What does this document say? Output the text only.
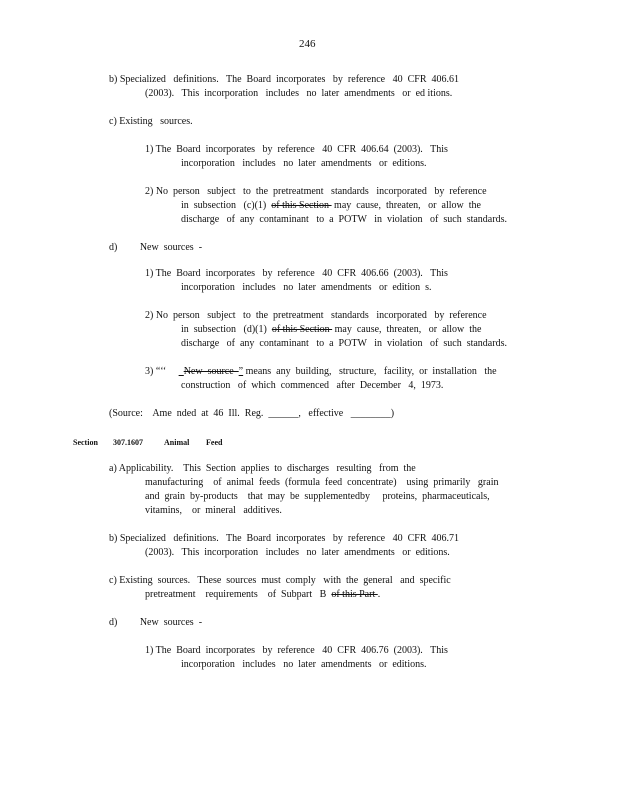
246
b) Specialized   definitions.   The  Board  incorporates   by  reference   40  CFR  406.61
(2003).   This  incorporation   includes   no  later  amendments   or  ed itions.
c) Existing   sources.
1) The  Board  incorporates   by  reference   40  CFR  406.64  (2003).   This
incorporation   includes   no  later  amendments   or  editions.
2) No  person   subject   to  the  pretreatment   standards   incorporated   by  reference
in  subsection   (c)(1)  of this Section  may  cause,  threaten,   or  allow  the
discharge   of  any  contaminant   to  a  POTW   in  violation   of  such  standards.
d)         New  sources  -
1) The  Board  incorporates   by  reference   40  CFR  406.66  (2003).   This
incorporation   includes   no  later  amendments   or  edition  s.
2) No  person   subject   to  the  pretreatment   standards   incorporated   by  reference
in  subsection   (d)(1)  of this Section  may  cause,  threaten,   or  allow  the
discharge   of  any  contaminant   to  a  POTW   in  violation   of  such  standards.
3) “‘‘     _New  source  ” means  any  building,   structure,   facility,  or  installation   the
construction   of  which  commenced   after  December   4,  1973.
(Source:    Ame  nded  at  46  Ill.  Reg.  ______,   effective   ________)
Section 307.1607	Animal Feed
a) Applicability.    This  Section  applies  to  discharges   resulting   from  the
manufacturing    of  animal  feeds  (formula  feed  concentrate)    using  primarily   grain
and  grain  by-products    that  may  be  supplementedby     proteins,  pharmaceuticals,
vitamins,    or  mineral   additives.
b) Specialized   definitions.   The  Board  incorporates   by  reference   40  CFR  406.71
(2003).   This  incorporation   includes   no  later  amendments   or  editions.
c) Existing  sources.   These  sources  must  comply   with  the  general   and  specific
pretreatment    requirements    of  Subpart   B  of this Part .
d)         New  sources  -
1) The  Board  incorporates   by  reference   40  CFR  406.76  (2003).   This
incorporation   includes   no  later  amendments   or  editions.
